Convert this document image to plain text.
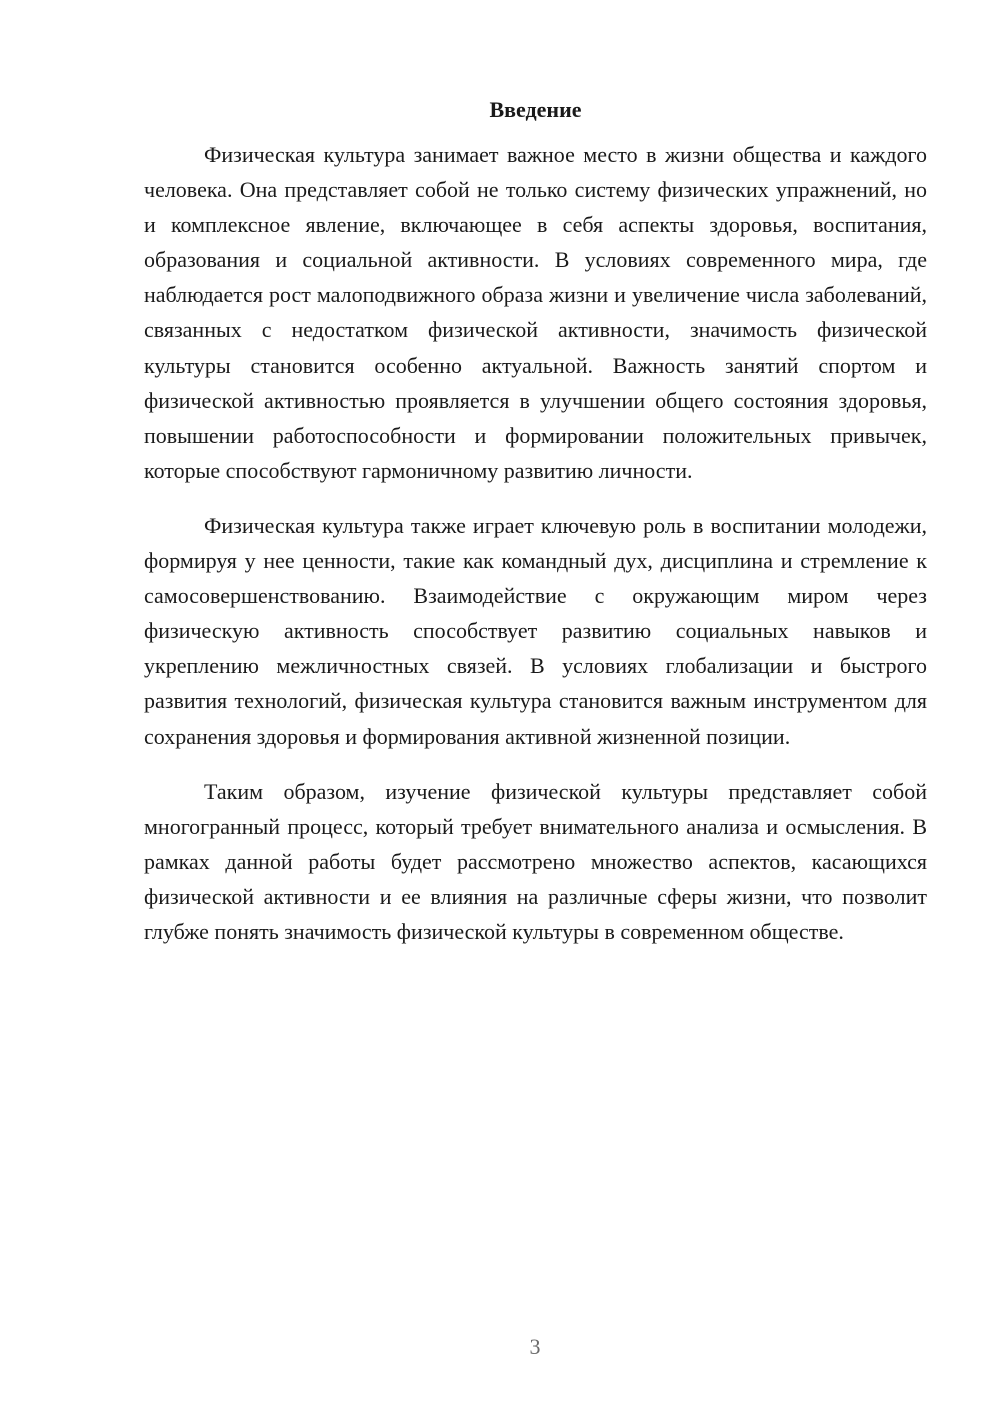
Введение

Физическая культура занимает важное место в жизни общества и каждого человека. Она представляет собой не только систему физических упражнений, но и комплексное явление, включающее в себя аспекты здоровья, воспитания, образования и социальной активности. В условиях современного мира, где наблюдается рост малоподвижного образа жизни и увеличение числа заболеваний, связанных с недостатком физической активности, значимость физической культуры становится особенно актуальной. Важность занятий спортом и физической активностью проявляется в улучшении общего состояния здоровья, повышении работоспособности и формировании положительных привычек, которые способствуют гармоничному развитию личности.

Физическая культура также играет ключевую роль в воспитании молодежи, формируя у нее ценности, такие как командный дух, дисциплина и стремление к самосовершенствованию. Взаимодействие с окружающим миром через физическую активность способствует развитию социальных навыков и укреплению межличностных связей. В условиях глобализации и быстрого развития технологий, физическая культура становится важным инструментом для сохранения здоровья и формирования активной жизненной позиции.

Таким образом, изучение физической культуры представляет собой многогранный процесс, который требует внимательного анализа и осмысления. В рамках данной работы будет рассмотрено множество аспектов, касающихся физической активности и ее влияния на различные сферы жизни, что позволит глубже понять значимость физической культуры в современном обществе.

3
